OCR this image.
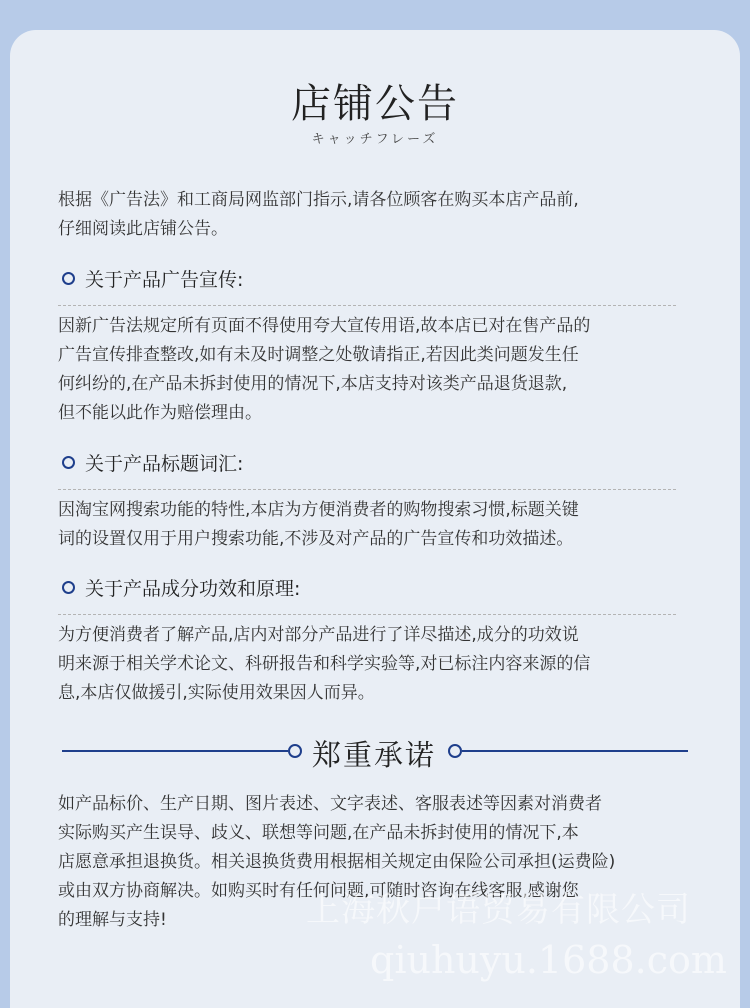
店铺公告
キャッチフレーズ
根据《广告法》和工商局网监部门指示,请各位顾客在购买本店产品前,
仔细阅读此店铺公告。
关于产品广告宣传:
因新广告法规定所有页面不得使用夸大宣传用语,故本店已对在售产品的
广告宣传排查整改,如有未及时调整之处敬请指正,若因此类问题发生任
何纠纷的,在产品未拆封使用的情况下,本店支持对该类产品退货退款,
但不能以此作为赔偿理由。
关于产品标题词汇:
因淘宝网搜索功能的特性,本店为方便消费者的购物搜索习惯,标题关键
词的设置仅用于用户搜索功能,不涉及对产品的广告宣传和功效描述。
关于产品成分功效和原理:
为方便消费者了解产品,店内对部分产品进行了详尽描述,成分的功效说
明来源于相关学术论文、科研报告和科学实验等,对已标注内容来源的信
息,本店仅做援引,实际使用效果因人而异。
郑重承诺
如产品标价、生产日期、图片表述、文字表述、客服表述等因素对消费者
实际购买产生误导、歧义、联想等问题,在产品未拆封使用的情况下,本
店愿意承担退换货。相关退换货费用根据相关规定由保险公司承担(运费险)
或由双方协商解决。如购买时有任何问题,可随时咨询在线客服,感谢您
的理解与支持!	上海秋户语贸易有限公司
qiuhuyu.1688.com
